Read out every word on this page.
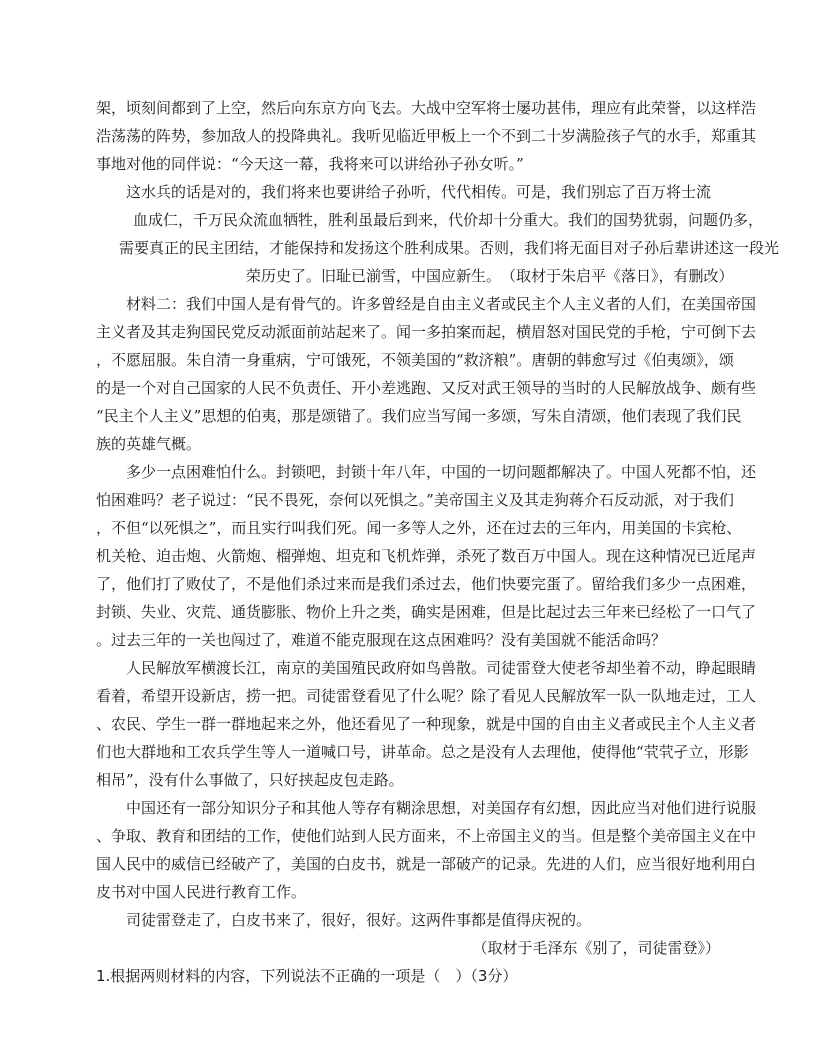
架，顷刻间都到了上空，然后向东京方向飞去。大战中空军将士屡功甚伟，理应有此荣誉，以这样浩
浩荡荡的阵势，参加敌人的投降典礼。我听见临近甲板上一个不到二十岁满脸孩子气的水手，郑重其
事地对他的同伴说：“今天这一幕，我将来可以讲给孙子孙女听。”
这水兵的话是对的，我们将来也要讲给子孙听，代代相传。可是，我们别忘了百万将士流
血成仁，千万民众流血牺牲，胜利虽最后到来，代价却十分重大。我们的国势犹弱，问题仍多，
需要真正的民主团结，才能保持和发扬这个胜利成果。否则，我们将无面目对子孙后辈讲述这一段光
荣历史了。旧耻已湔雪，中国应新生。　（取材于朱启平《落日》，有删改）
材料二：我们中国人是有骨气的。许多曾经是自由主义者或民主个人主义者的人们，在美国帝国
主义者及其走狗国民党反动派面前站起来了。闻一多拍案而起，横眉怒对国民党的手枪，宁可倒下去
，不愿屈服。朱自清一身重病，宁可饿死，不领美国的“救济粮”。唐朝的韩愈写过《伯夷颂》，颂
的是一个对自己国家的人民不负责任、开小差逃跑、又反对武王领导的当时的人民解放战争、颇有些
“民主个人主义”思想的伯夷，那是颂错了。我们应当写闻一多颂，写朱自清颂，他们表现了我们民
族的英雄气概。
多少一点困难怕什么。封锁吧，封锁十年八年，中国的一切问题都解决了。中国人死都不怕，还
怕困难吗？老子说过：“民不畏死，奈何以死惧之。”美帝国主义及其走狗蒋介石反动派，对于我们
，不但“以死惧之”，而且实行叫我们死。闻一多等人之外，还在过去的三年内，用美国的卡宾枪、
机关枪、迫击炮、火箭炮、榴弹炮、坦克和飞机炸弹，杀死了数百万中国人。现在这种情况已近尾声
了，他们打了败仗了，不是他们杀过来而是我们杀过去，他们快要完蛋了。留给我们多少一点困难，
封锁、失业、灾荒、通货膨胀、物价上升之类，确实是困难，但是比起过去三年来已经松了一口气了
。过去三年的一关也闯过了，难道不能克服现在这点困难吗？没有美国就不能活命吗？
人民解放军横渡长江，南京的美国殖民政府如鸟兽散。司徒雷登大使老爷却坐着不动，睁起眼睛
看着，希望开设新店，捞一把。司徒雷登看见了什么呢？除了看见人民解放军一队一队地走过，工人
、农民、学生一群一群地起来之外，他还看见了一种现象，就是中国的自由主义者或民主个人主义者
们也大群地和工农兵学生等人一道喊口号，讲革命。总之是没有人去理他，使得他“茕茕孑立，形影
相吊”，没有什么事做了，只好挟起皮包走路。
中国还有一部分知识分子和其他人等存有糊涂思想，对美国存有幻想，因此应当对他们进行说服
、争取、教育和团结的工作，使他们站到人民方面来，不上帝国主义的当。但是整个美帝国主义在中
国人民中的威信已经破产了，美国的白皮书，就是一部破产的记录。先进的人们，应当很好地利用白
皮书对中国人民进行教育工作。
司徒雷登走了，白皮书来了，很好，很好。这两件事都是值得庆祝的。
（取材于毛泽东《别了，司徒雷登》）
1.根据两则材料的内容，下列说法不正确的一项是（　）（3分）
